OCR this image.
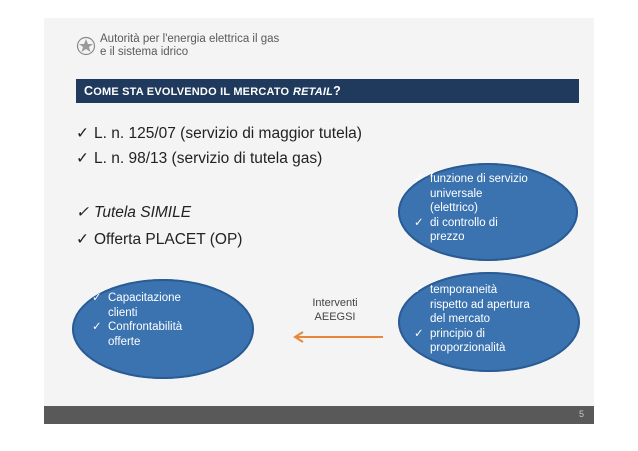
Autorità per l'energia elettrica il gas
e il sistema idrico
COME STA EVOLVENDO IL MERCATO RETAIL?
✓ L. n. 125/07 (servizio di maggior tutela)
✓ L. n. 98/13 (servizio di tutela gas)
✓ Tutela SIMILE
✓ Offerta PLACET (OP)
✓ funzione di servizio
universale
(elettrico)
✓ di controllo di
prezzo
✓ temporaneità
rispetto ad apertura
del mercato
✓ principio di
proporzionalità
✓ Capacitazione
clienti
✓ Confrontabilità
offerte
Interventi
AEEGSI
5
